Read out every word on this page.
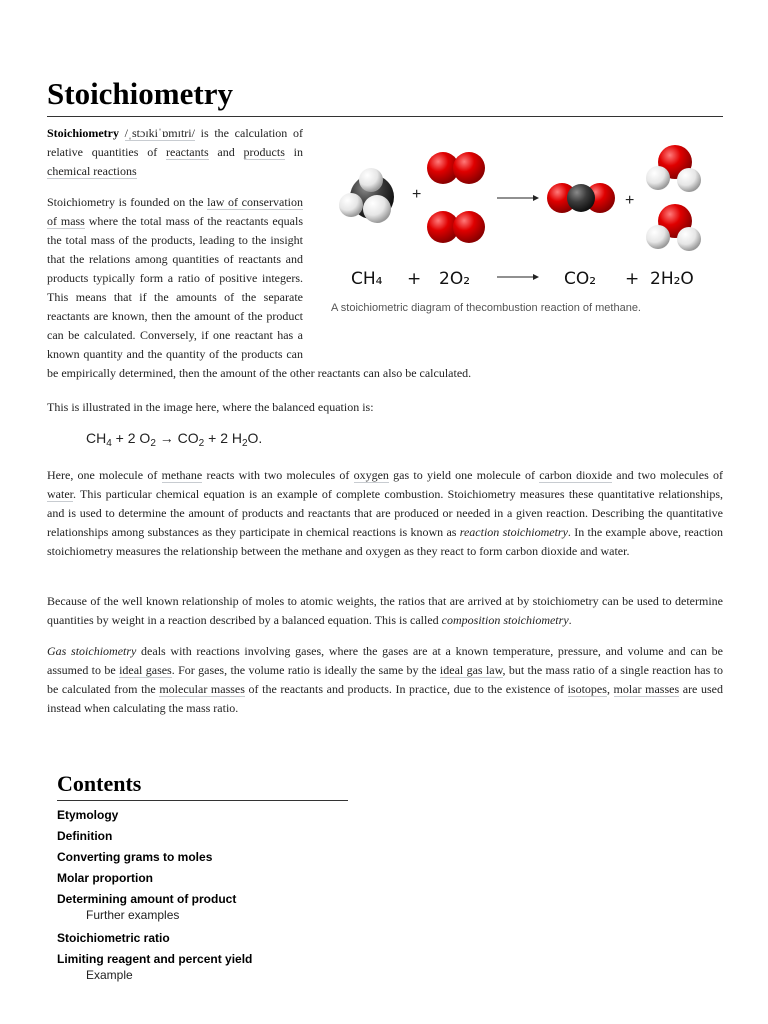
Stoichiometry

Stoichiometry /ˌstɔɪkiˈɒmɪtri/ is the calculation of relative quantities of reactants and products in chemical reactions

Stoichiometry is founded on the law of conservation of mass where the total mass of the reactants equals the total mass of the products, leading to the insight that the relations among quantities of reactants and products typically form a ratio of positive integers. This means that if the amounts of the separate reactants are known, then the amount of the product can be calculated. Conversely, if one reactant has a known quantity and the quantity of the products can be empirically determined, then the amount of the other reactants can also be calculated.

This is illustrated in the image here, where the balanced equation is:

$CH_4 + 2$ $O_2 \to CO_2 + 2$ $H_2O$.

Here, one molecule of methane reacts with two molecules of oxygen gas to yield one molecule of carbon dioxide and two molecules of water. This particular chemical equation is an example of complete combustion. Stoichiometry measures these quantitative relationships, and is used to determine the amount of products and reactants that are produced or needed in a given reaction. Describing the quantitative relationships among substances as they participate in chemical reactions is known as reaction stoichiometry. In the example above, reaction stoichiometry measures the relationship between the methane and oxygen as they react to form carbon dioxide and water.

Because of the well known relationship of moles to atomic weights, the ratios that are arrived at by stoichiometry can be used to determine quantities by weight in a reaction described by a balanced equation. This is called composition stoichiometry.

Gas stoichiometry deals with reactions involving gases, where the gases are at a known temperature, pressure, and volume and can be assumed to be ideal gases. For gases, the volume ratio is ideally the same by the ideal gas law, but the mass ratio of a single reaction has to be calculated from the molecular masses of the reactants and products. In practice, due to the existence of isotopes, molar masses are used instead when calculating the mass ratio.

+	+
CH₄ + 2O₂	CO₂ + 2H₂O
A stoichiometric diagram of thecombustion reaction of methane.
Contents
Etymology
Definition
Converting grams to moles
Molar proportion
Determining amount of product
Further examples
Stoichiometric ratio
Limiting reagent and percent yield
Example
